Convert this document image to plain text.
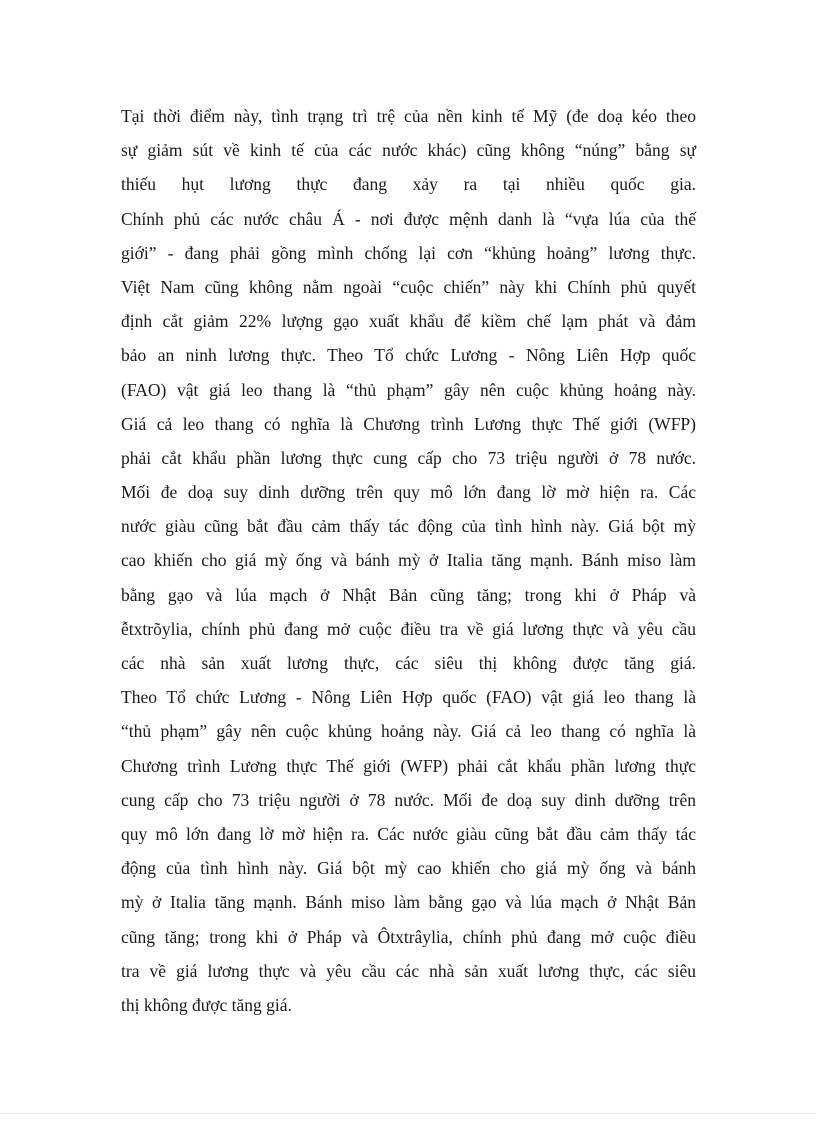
Tại thời điểm này, tình trạng trì trệ của nền kinh tế Mỹ (đe doạ kéo theo
sự giảm sút về kinh tế của các nước khác) cũng không “núng” bằng sự
thiếu hụt lương thực đang xảy ra tại nhiều quốc gia.
Chính phủ các nước châu Á - nơi được mệnh danh là “vựa lúa của thế
giới” - đang phải gồng mình chống lại cơn “khủng hoảng” lương thực.
Việt Nam cũng không nằm ngoài “cuộc chiến” này khi Chính phủ quyết
định cắt giảm 22% lượng gạo xuất khẩu để kiềm chế lạm phát và đảm
bảo an ninh lương thực. Theo Tổ chức Lương - Nông Liên Hợp quốc
(FAO) vật giá leo thang là “thủ phạm” gây nên cuộc khủng hoảng này.
Giá cả leo thang có nghĩa là Chương trình Lương thực Thế giới (WFP)
phải cắt khẩu phần lương thực cung cấp cho 73 triệu người ở 78 nước.
Mối đe doạ suy dinh dưỡng trên quy mô lớn đang lờ mờ hiện ra. Các
nước giàu cũng bắt đầu cảm thấy tác động của tình hình này. Giá bột mỳ
cao khiến cho giá mỳ ống và bánh mỳ ở Italia tăng mạnh. Bánh miso làm
bằng gạo và lúa mạch ở Nhật Bản cũng tăng; trong khi ở Pháp và
ễtxtrõylia, chính phủ đang mở cuộc điều tra về giá lương thực và yêu cầu
các nhà sản xuất lương thực, các siêu thị không được tăng giá.
Theo Tổ chức Lương - Nông Liên Hợp quốc (FAO) vật giá leo thang là
“thủ phạm” gây nên cuộc khủng hoảng này. Giá cả leo thang có nghĩa là
Chương trình Lương thực Thế giới (WFP) phải cắt khẩu phần lương thực
cung cấp cho 73 triệu người ở 78 nước. Mối đe doạ suy dinh dưỡng trên
quy mô lớn đang lờ mờ hiện ra. Các nước giàu cũng bắt đầu cảm thấy tác
động của tình hình này. Giá bột mỳ cao khiến cho giá mỳ ống và bánh
mỳ ở Italia tăng mạnh. Bánh miso làm bằng gạo và lúa mạch ở Nhật Bản
cũng tăng; trong khi ở Pháp và Ôtxtrâylia, chính phủ đang mở cuộc điều
tra về giá lương thực và yêu cầu các nhà sản xuất lương thực, các siêu
thị không được tăng giá.
